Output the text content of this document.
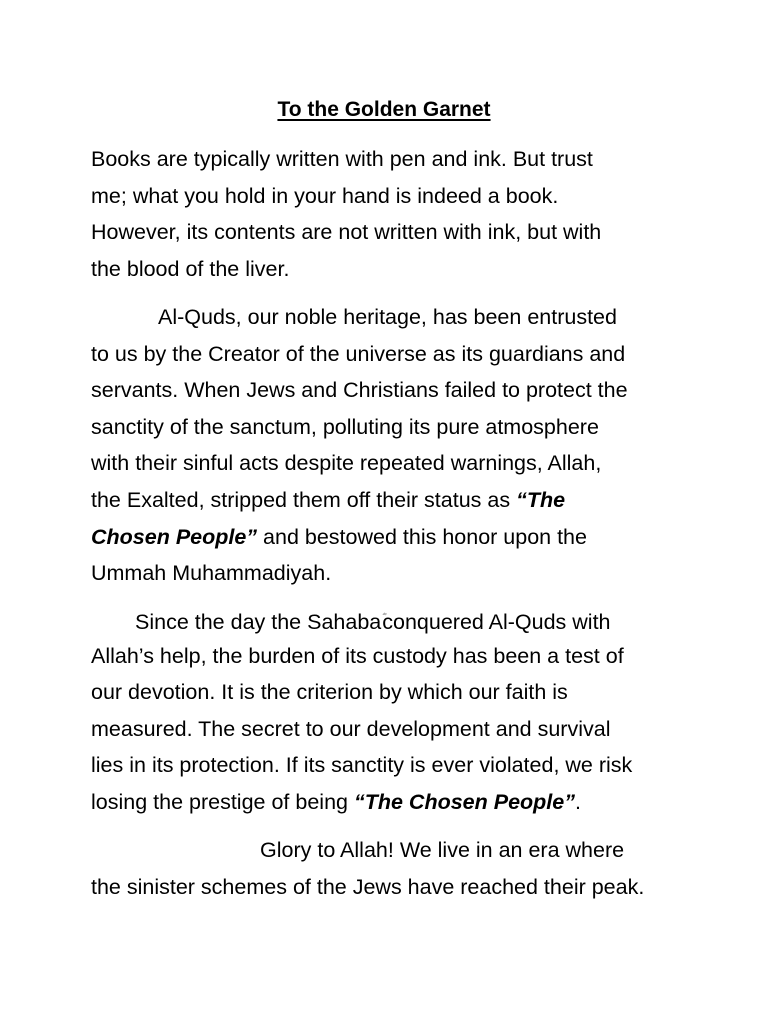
To the Golden Garnet
Books are typically written with pen and ink. But trust
me; what you hold in your hand is indeed a book.
However, its contents are not written with ink, but with
the blood of the liver.
Al-Quds, our noble heritage, has been entrusted
to us by the Creator of the universe as its guardians and
servants. When Jews and Christians failed to protect the
sanctity of the sanctum, polluting its pure atmosphere
with their sinful acts despite repeated warnings, Allah,
the Exalted, stripped them off their status as “The
Chosen People” and bestowed this honor upon the
Ummah Muhammadiyah.
Since the day the Sahabaconquered Al-Quds with
Allah’s help, the burden of its custody has been a test of
our devotion. It is the criterion by which our faith is
measured. The secret to our development and survival
lies in its protection. If its sanctity is ever violated, we risk
losing the prestige of being “The Chosen People”.
Glory to Allah! We live in an era where
the sinister schemes of the Jews have reached their peak.
